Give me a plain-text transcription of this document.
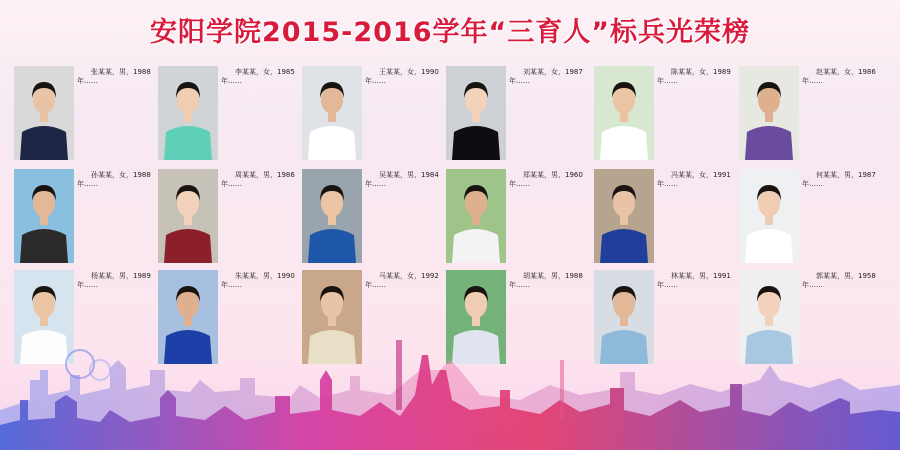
安阳学院2015-2016学年“三育人”标兵光荣榜
张某某，男，1988年……
李某某，女，1985年……
王某某，女，1990年……
刘某某，女，1987年……
陈某某，女，1989年……
赵某某，女，1986年……
孙某某，女，1988年……
周某某，男，1986年……
吴某某，男，1984年……
郑某某，男，1960年……
冯某某，女，1991年……
何某某，男，1987年……
杨某某，男，1989年……
朱某某，男，1990年……
马某某，女，1992年……
胡某某，男，1988年……
林某某，男，1991年……
郭某某，男，1958年……
